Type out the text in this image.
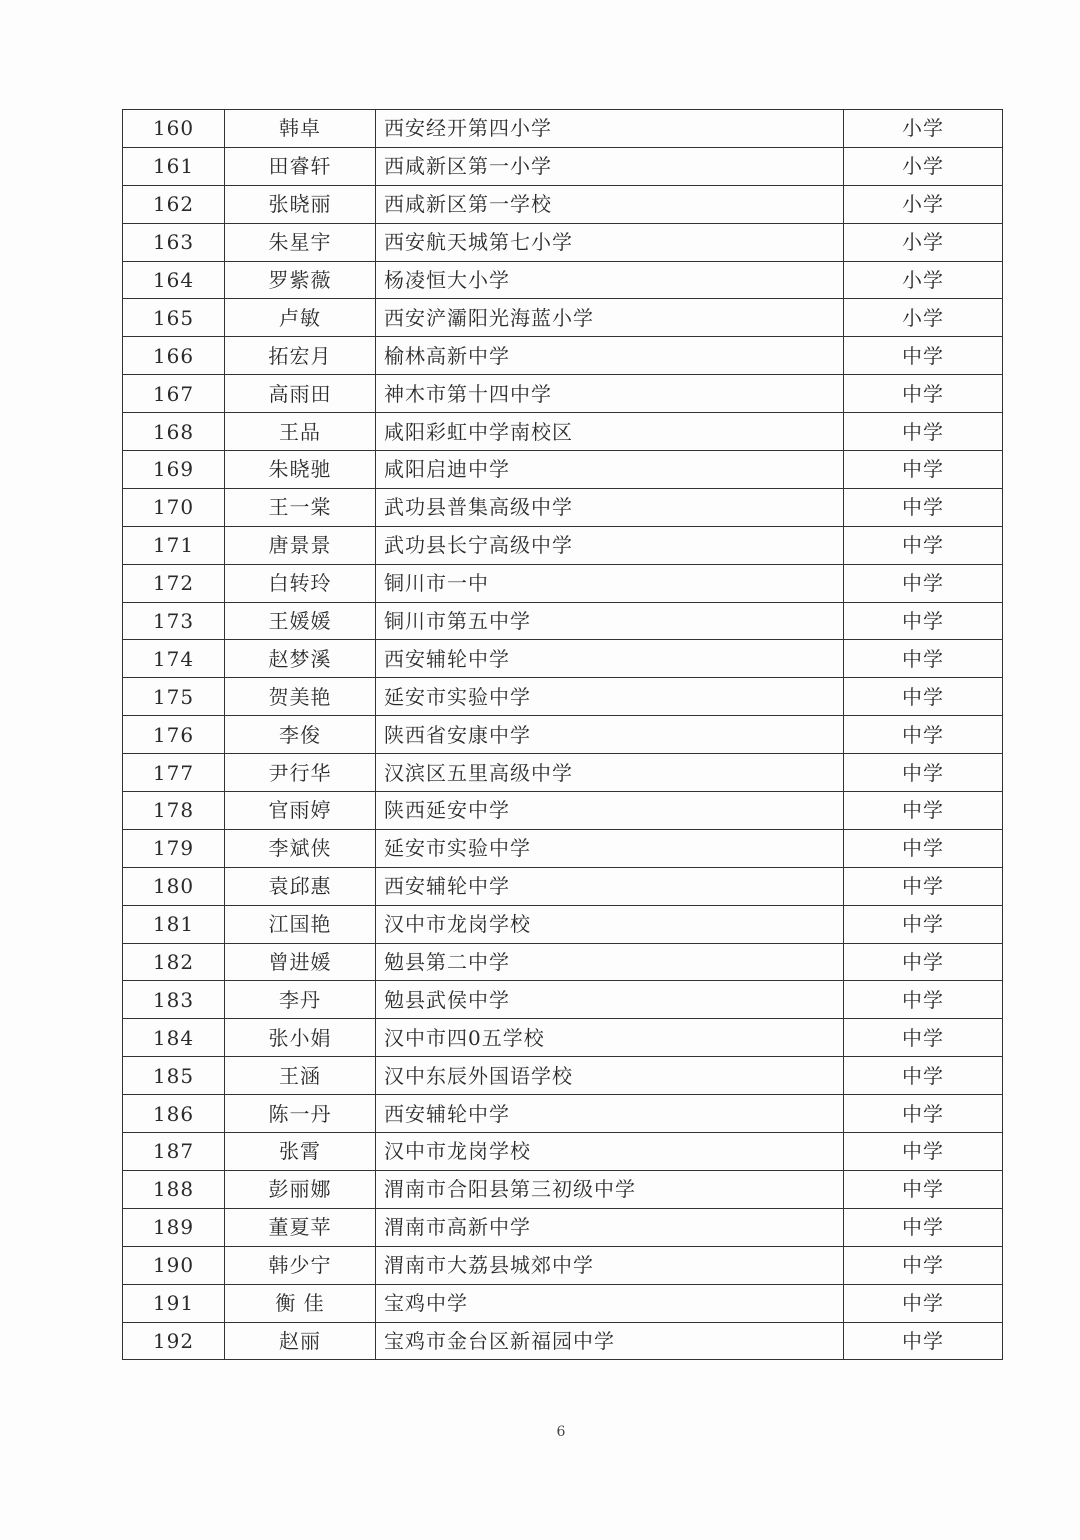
160	韩卓	西安经开第四小学	小学
161	田睿轩	西咸新区第一小学	小学
162	张晓丽	西咸新区第一学校	小学
163	朱星宇	西安航天城第七小学	小学
164	罗紫薇	杨凌恒大小学	小学
165	卢敏	西安浐灞阳光海蓝小学	小学
166	拓宏月	榆林高新中学	中学
167	高雨田	神木市第十四中学	中学
168	王品	咸阳彩虹中学南校区	中学
169	朱晓驰	咸阳启迪中学	中学
170	王一棠	武功县普集高级中学	中学
171	唐景景	武功县长宁高级中学	中学
172	白转玲	铜川市一中	中学
173	王媛媛	铜川市第五中学	中学
174	赵梦溪	西安辅轮中学	中学
175	贺美艳	延安市实验中学	中学
176	李俊	陕西省安康中学	中学
177	尹行华	汉滨区五里高级中学	中学
178	官雨婷	陕西延安中学	中学
179	李斌侠	延安市实验中学	中学
180	袁邱惠	西安辅轮中学	中学
181	江国艳	汉中市龙岗学校	中学
182	曾进媛	勉县第二中学	中学
183	李丹	勉县武侯中学	中学
184	张小娟	汉中市四0五学校	中学
185	王涵	汉中东辰外国语学校	中学
186	陈一丹	西安辅轮中学	中学
187	张霄	汉中市龙岗学校	中学
188	彭丽娜	渭南市合阳县第三初级中学	中学
189	董夏苹	渭南市高新中学	中学
190	韩少宁	渭南市大荔县城郊中学	中学
191	衡 佳	宝鸡中学	中学
192	赵丽	宝鸡市金台区新福园中学	中学
6
